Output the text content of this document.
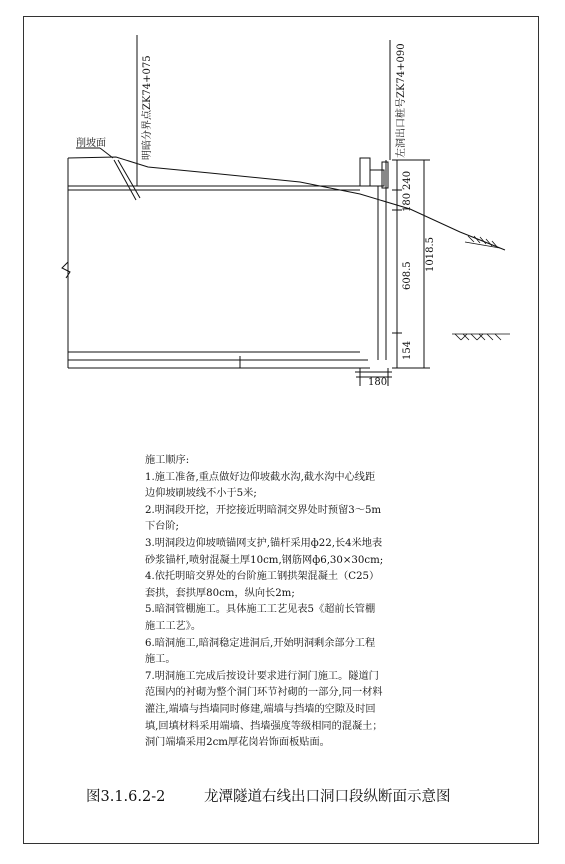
削坡面	明暗分界点ZK74+075	左洞出口桩号ZK74+090
240
180
1018.5
608.5
154
180

施工顺序:

1.施工准备,重点做好边仰坡截水沟,截水沟中心线距边仰坡刷坡线不小于5米;

2.明洞段开挖，开挖接近明暗洞交界处时预留3～5m下台阶;

3.明洞段边仰坡喷锚网支护,锚杆采用ф22,长4米地表砂浆锚杆,喷射混凝土厚10cm,钢筋网ф6,30×30cm;

4.依托明暗交界处的台阶施工钢拱架混凝土（C25）套拱，套拱厚80cm，纵向长2m;

5.暗洞管棚施工。具体施工工艺见表5《超前长管棚施工工艺》。

6.暗洞施工,暗洞稳定进洞后,开始明洞剩余部分工程施工。

7.明洞施工完成后按设计要求进行洞门施工。隧道门范围内的衬砌为整个洞门环节衬砌的一部分,同一材料灌注,端墙与挡墙同时修建,端墙与挡墙的空隙及时回填,回填材料采用端墙、挡墙强度等级相同的混凝土；洞门端墙采用2cm厚花岗岩饰面板贴面。

图3.1.6.2-2	龙潭隧道右线出口洞口段纵断面示意图
